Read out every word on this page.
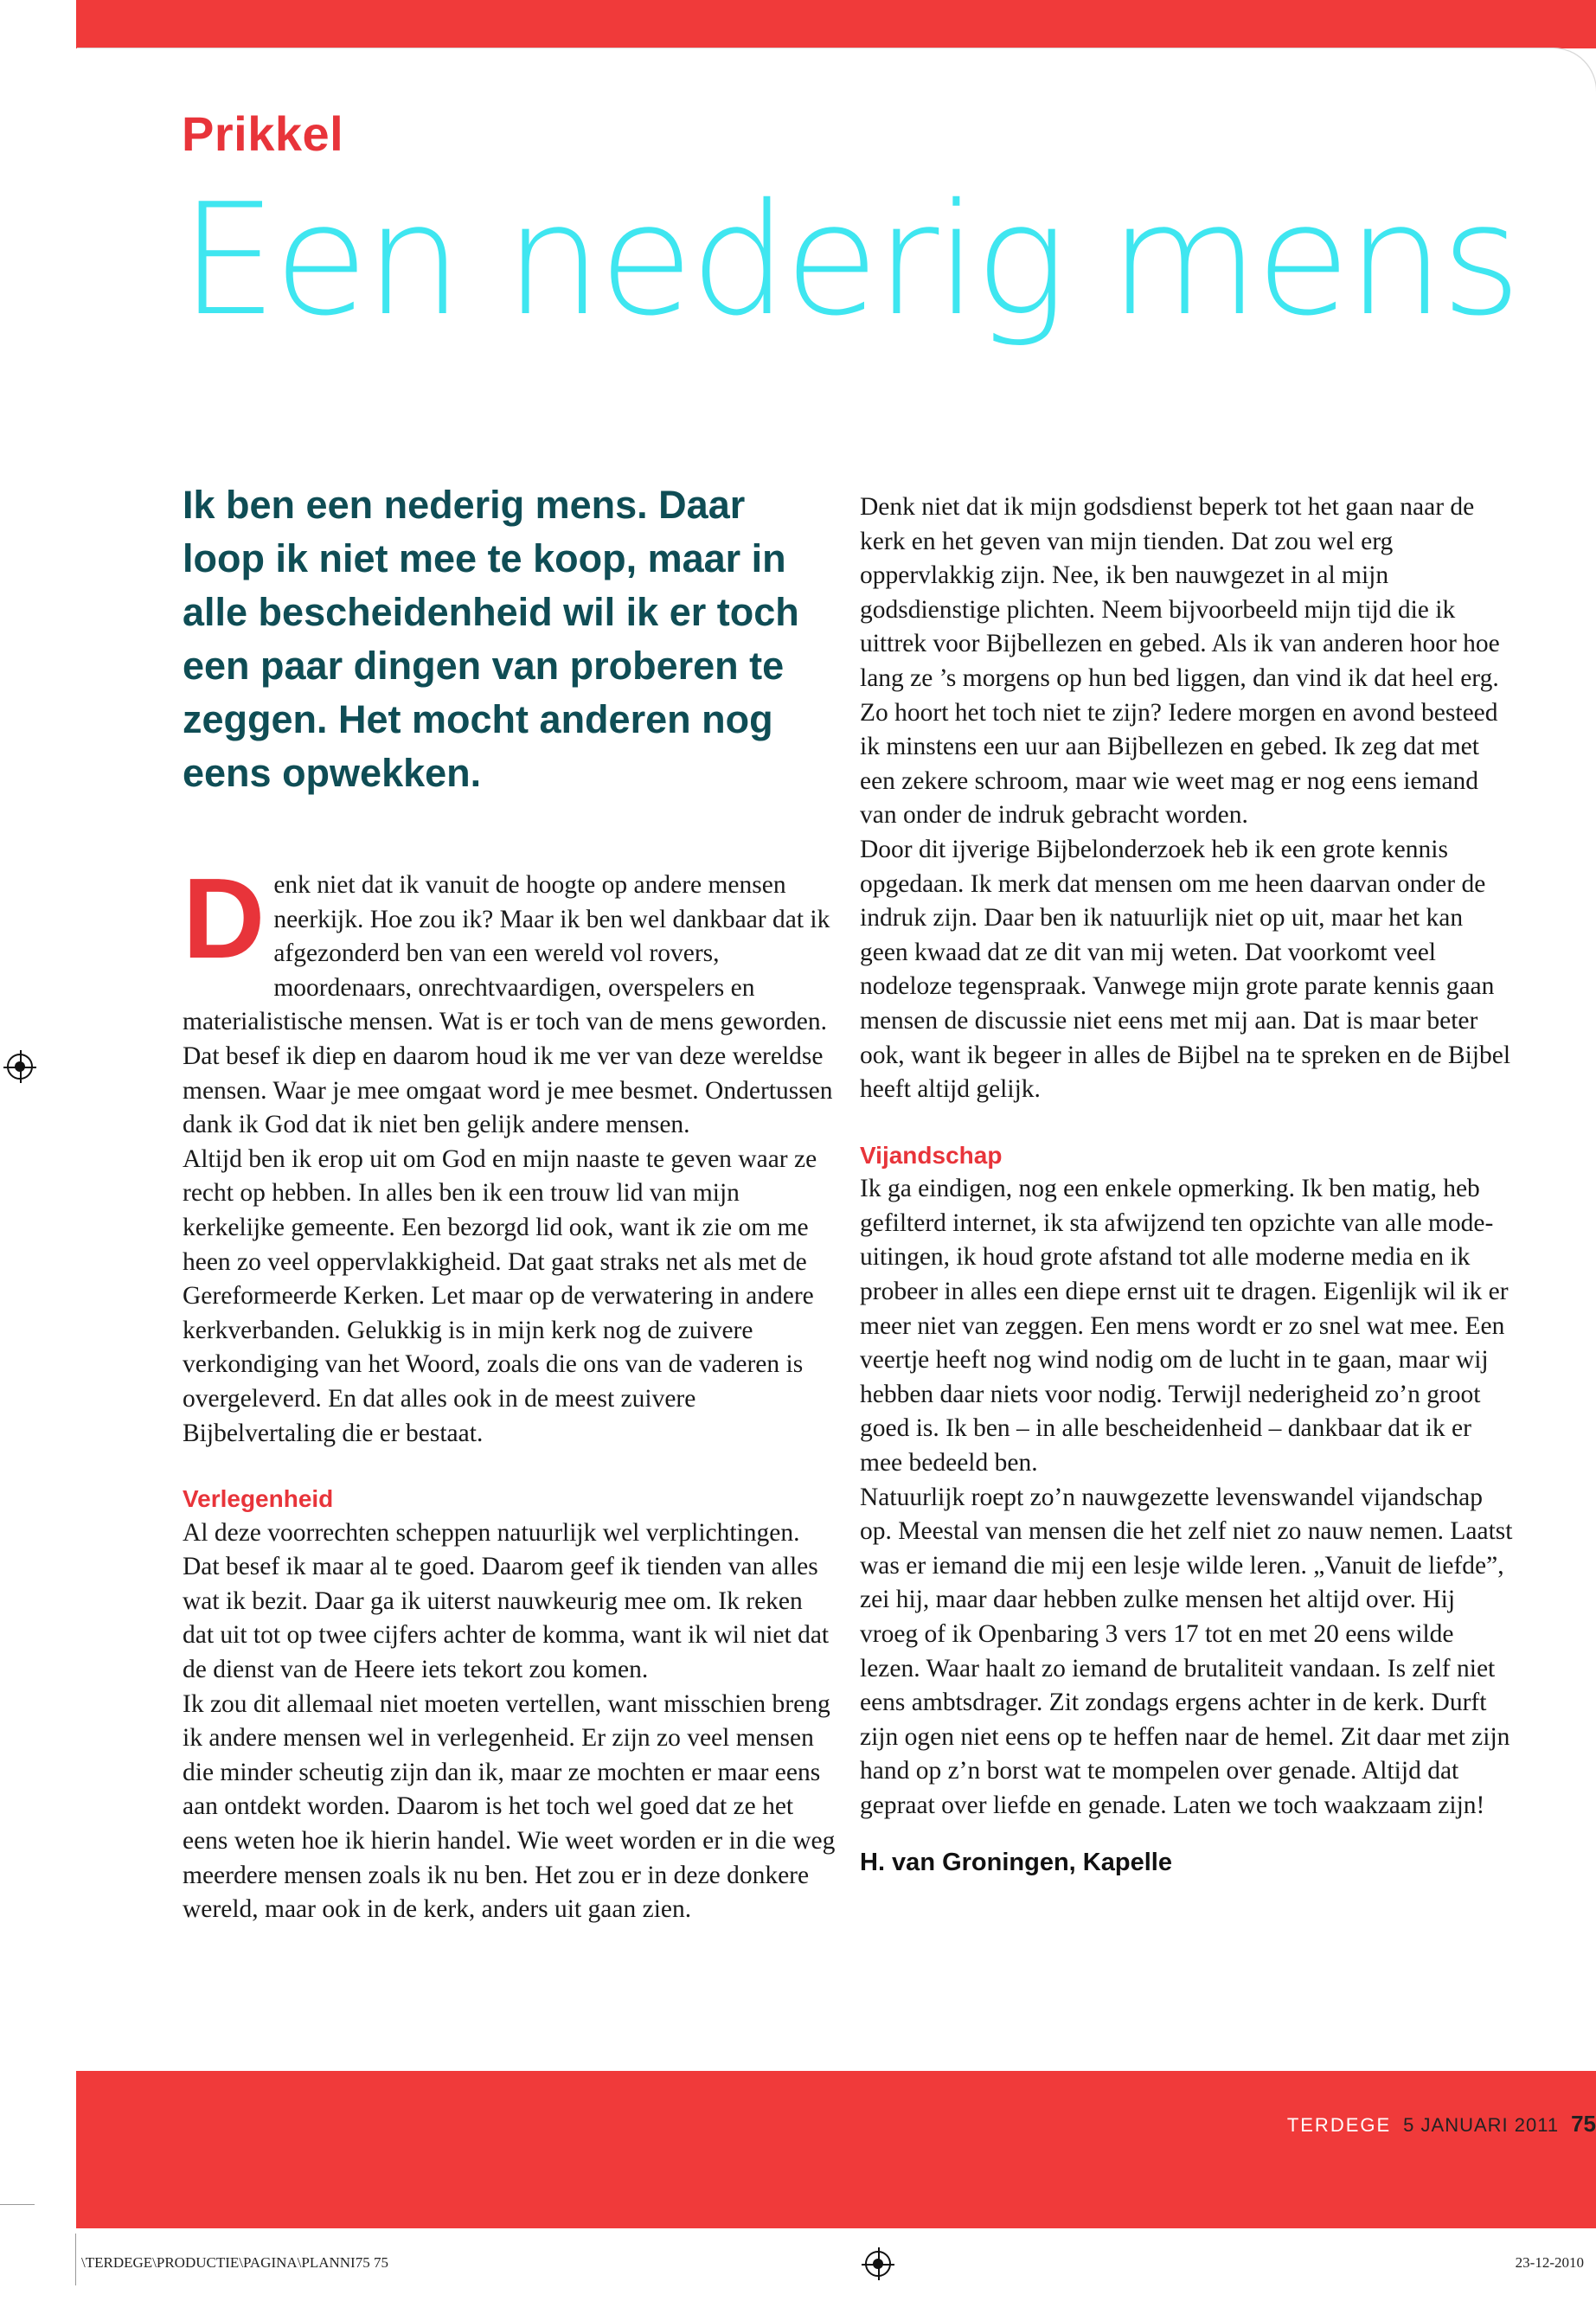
Prikkel
Een nederig mens
Ik ben een nederig mens. Daar loop ik niet mee te koop, maar in alle bescheidenheid wil ik er toch een paar dingen van proberen te zeggen. Het mocht anderen nog eens opwekken.

Denk niet dat ik vanuit de hoogte op andere mensen neerkijk. Hoe zou ik? Maar ik ben wel dankbaar dat ik afgezonderd ben van een wereld vol rovers, moordenaars, onrechtvaardigen, overspelers en materialistische mensen. Wat is er toch van de mens geworden. Dat besef ik diep en daarom houd ik me ver van deze wereldse mensen. Waar je mee omgaat word je mee besmet. Ondertussen dank ik God dat ik niet ben gelijk andere mensen.

Altijd ben ik erop uit om God en mijn naaste te geven waar ze recht op hebben. In alles ben ik een trouw lid van mijn kerkelijke gemeente. Een bezorgd lid ook, want ik zie om me heen zo veel oppervlakkigheid. Dat gaat straks net als met de Gereformeerde Kerken. Let maar op de verwatering in andere kerkverbanden. Gelukkig is in mijn kerk nog de zuivere verkondiging van het Woord, zoals die ons van de vaderen is overgeleverd. En dat alles ook in de meest zuivere Bijbelvertaling die er bestaat.

Verlegenheid

Al deze voorrechten scheppen natuurlijk wel verplichtingen. Dat besef ik maar al te goed. Daarom geef ik tienden van alles wat ik bezit. Daar ga ik uiterst nauwkeurig mee om. Ik reken dat uit tot op twee cijfers achter de komma, want ik wil niet dat de dienst van de Heere iets tekort zou komen.

Ik zou dit allemaal niet moeten vertellen, want misschien breng ik andere mensen wel in verlegenheid. Er zijn zo veel mensen die minder scheutig zijn dan ik, maar ze mochten er maar eens aan ontdekt worden. Daarom is het toch wel goed dat ze het eens weten hoe ik hierin handel. Wie weet worden er in die weg meerdere mensen zoals ik nu ben. Het zou er in deze donkere wereld, maar ook in de kerk, anders uit gaan zien.

Denk niet dat ik mijn godsdienst beperk tot het gaan naar de kerk en het geven van mijn tienden. Dat zou wel erg oppervlakkig zijn. Nee, ik ben nauwgezet in al mijn godsdienstige plichten. Neem bijvoorbeeld mijn tijd die ik uittrek voor Bijbellezen en gebed. Als ik van anderen hoor hoe lang ze ’s morgens op hun bed liggen, dan vind ik dat heel erg. Zo hoort het toch niet te zijn? Iedere morgen en avond besteed ik minstens een uur aan Bijbellezen en gebed. Ik zeg dat met een zekere schroom, maar wie weet mag er nog eens iemand van onder de indruk gebracht worden.

Door dit ijverige Bijbelonderzoek heb ik een grote kennis opgedaan. Ik merk dat mensen om me heen daarvan onder de indruk zijn. Daar ben ik natuurlijk niet op uit, maar het kan geen kwaad dat ze dit van mij weten. Dat voorkomt veel nodeloze tegenspraak. Vanwege mijn grote parate kennis gaan mensen de discussie niet eens met mij aan. Dat is maar beter ook, want ik begeer in alles de Bijbel na te spreken en de Bijbel heeft altijd gelijk.

Vijandschap

Ik ga eindigen, nog een enkele opmerking. Ik ben matig, heb gefilterd internet, ik sta afwijzend ten opzichte van alle mode-uitingen, ik houd grote afstand tot alle moderne media en ik probeer in alles een diepe ernst uit te dragen. Eigenlijk wil ik er meer niet van zeggen. Een mens wordt er zo snel wat mee. Een veertje heeft nog wind nodig om de lucht in te gaan, maar wij hebben daar niets voor nodig. Terwijl nederigheid zo’n groot goed is. Ik ben – in alle bescheidenheid – dankbaar dat ik er mee bedeeld ben.

Natuurlijk roept zo’n nauwgezette levenswandel vijandschap op. Meestal van mensen die het zelf niet zo nauw nemen. Laatst was er iemand die mij een lesje wilde leren. „Vanuit de liefde”, zei hij, maar daar hebben zulke mensen het altijd over. Hij vroeg of ik Openbaring 3 vers 17 tot en met 20 eens wilde lezen. Waar haalt zo iemand de brutaliteit vandaan. Is zelf niet eens ambtsdrager. Zit zondags ergens achter in de kerk. Durft zijn ogen niet eens op te heffen naar de hemel. Zit daar met zijn hand op z’n borst wat te mompelen over genade. Altijd dat gepraat over liefde en genade. Laten we toch waakzaam zijn!

H. van Groningen, Kapelle
TERDEGE 5 JANUARI 2011 75
\TERDEGE\PRODUCTIE\PAGINA\PLANNI75 75	23-12-2010
